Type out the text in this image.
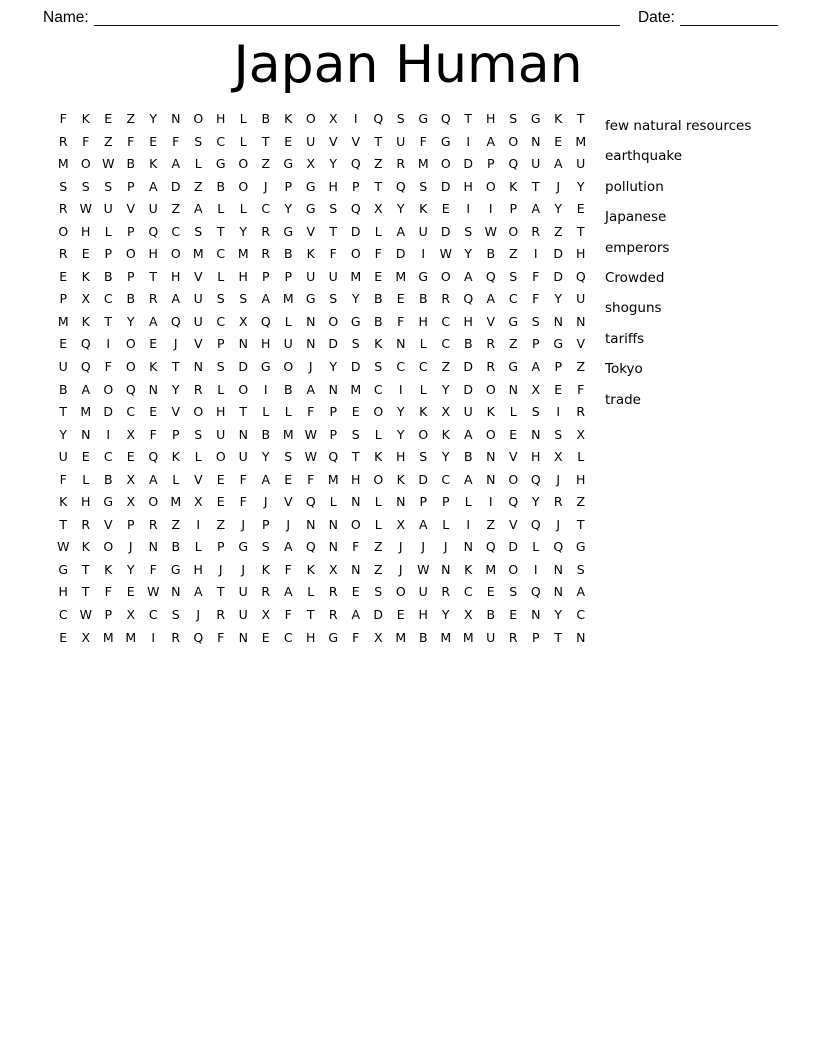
Name:	Date:
Japan Human
F	K	E	Z	Y	N	O	H	L	B	K	O	X	I	Q	S	G	Q	T	H	S	G	K	T
R	F	Z	F	E	F	S	C	L	T	E	U	V	V	T	U	F	G	I	A	O	N	E	M
M O W B	K	A	L	G	O	Z	G	X	Y	Q	Z	R	M O	D	P	Q	U	A	U
S	S	S	P	A	D	Z	B	O	J	P	G	H	P	T	Q	S	D	H	O	K	T	J	Y
R W U	V	U	Z	A	L	L	C	Y	G	S	Q	X	Y	K	E	I	I	P	A	Y	E
O	H	L	P	Q	C	S	T	Y	R	G	V	T	D	L	A	U	D	S W O	R	Z	T
R	E	P	O	H	O M	C	M	R	B	K	F	O	F	D	I	W Y	B	Z	I	D	H
E	K	B	P	T	H	V	L	H	P	P	U	U	M	E	M G	O	A	Q	S	F	D	Q
P	X	C	B	R	A	U	S	S	A	M G	S	Y	B	E	B	R	Q	A	C	F	Y	U
M	K	T	Y	A	Q	U	C	X	Q	L	N	O	G	B	F	H	C	H	V	G	S	N	N
E	Q	I	O	E	J	V	P	N	H	U	N	D	S	K	N	L	C	B	R	Z	P	G	V
U	Q	F	O	K	T	N	S	D	G	O	J	Y	D	S	C	C	Z	D	R	G	A	P	Z
B	A	O	Q	N	Y	R	L	O	I	B	A	N M	C	I	L	Y	D	O	N	X	E	F
T	M D	C	E	V	O	H	T	L	L	F	P	E	O	Y	K	X	U	K	L	S	I	R
Y	N	I	X	F	P	S	U	N	B	M W	P	S	L	Y	O	K	A	O	E	N	S	X
U	E	C	E	Q	K	L	O	U	Y	S W Q	T	K	H	S	Y	B	N	V	H	X	L
F	L	B	X	A	L	V	E	F	A	E	F	M H	O	K	D	C	A	N	O	Q	J	H
K	H	G	X	O M	X	E	F	J	V	Q	L	N	L	N	P	P	L	I	Q	Y	R	Z
T	R	V	P	R	Z	I	Z	J	P	J	N	N	O	L	X	A	L	I	Z	V	Q	J	T
W K	O	J	N	B	L	P	G	S	A	Q	N	F	Z	J	J	J	N	Q	D	L	Q	G
G	T	K	Y	F	G	H	J	J	K	F	K	X	N	Z	J	W N	K	M O	I	N	S
H	T	F	E W N	A	T	U	R	A	L	R	E	S	O	U	R	C	E	S	Q	N	A
C W	P	X	C	S	J	R	U	X	F	T	R	A	D	E	H	Y	X	B	E	N	Y	C
E	X	M M	I	R	Q	F	N	E	C	H	G	F	X	M	B	M M	U	R	P	T	N
few natural resources
earthquake
pollution
Japanese
emperors
Crowded
shoguns
tariffs
Tokyo
trade
